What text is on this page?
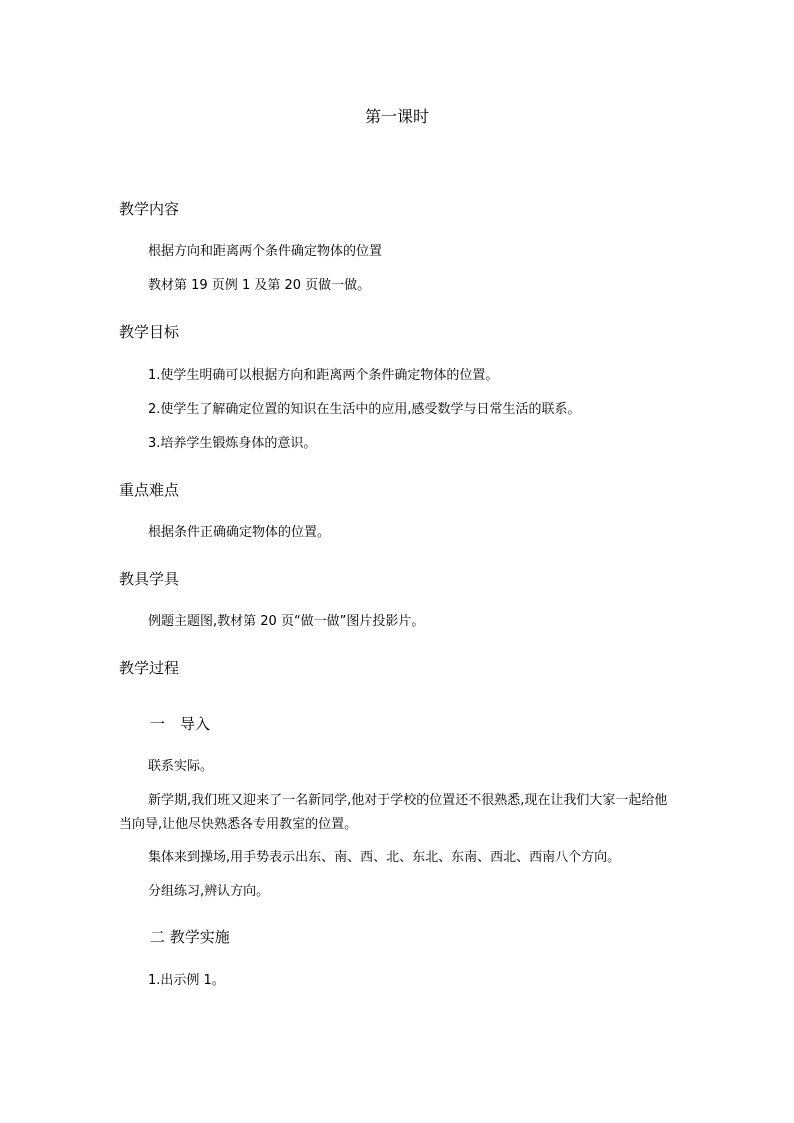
第一课时
教学内容
根据方向和距离两个条件确定物体的位置
教材第 19 页例 1 及第 20 页做一做。
教学目标
1.使学生明确可以根据方向和距离两个条件确定物体的位置。
2.使学生了解确定位置的知识在生活中的应用,感受数学与日常生活的联系。
3.培养学生锻炼身体的意识。
重点难点
根据条件正确确定物体的位置。
教具学具
例题主题图,教材第 20 页“做一做”图片投影片。
教学过程
一　导入
联系实际。
新学期,我们班又迎来了一名新同学,他对于学校的位置还不很熟悉,现在让我们大家一起给他当向导,让他尽快熟悉各专用教室的位置。
集体来到操场,用手势表示出东、南、西、北、东北、东南、西北、西南八个方向。
分组练习,辨认方向。
二 教学实施
1.出示例 1。
